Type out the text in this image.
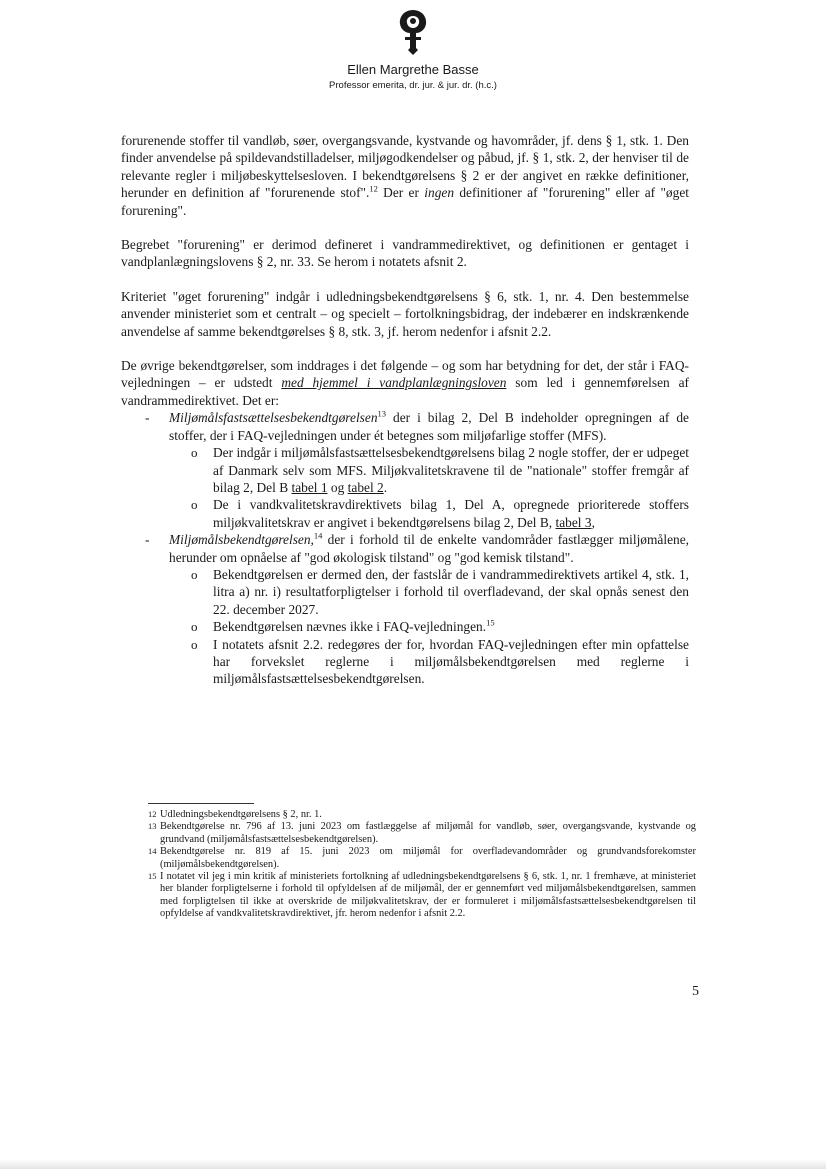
Ellen Margrethe Basse
Professor emerita, dr. jur. & jur. dr. (h.c.)

forurenende stoffer til vandløb, søer, overgangsvande, kystvande og havområder, jf. dens § 1, stk. 1. Den finder anvendelse på spildevandstilladelser, miljøgodkendelser og påbud, jf. § 1, stk. 2, der henviser til de relevante regler i miljøbeskyttelsesloven. I bekendtgørelsens § 2 er der angivet en række definitioner, herunder en definition af "forurenende stof".$^{12}$ Der er ingen definitioner af "forurening" eller af "øget forurening".

Begrebet "forurening" er derimod defineret i vandrammedirektivet, og definitionen er gentaget i vandplanlægningslovens § 2, nr. 33. Se herom i notatets afsnit 2.

Kriteriet "øget forurening" indgår i udledningsbekendtgørelsens § 6, stk. 1, nr. 4. Den bestemmelse anvender ministeriet som et centralt – og specielt – fortolkningsbidrag, der indebærer en indskrænkende anvendelse af samme bekendtgørelses § 8, stk. 3, jf. herom nedenfor i afsnit 2.2.

De øvrige bekendtgørelser, som inddrages i det følgende – og som har betydning for det, der står i FAQ-vejledningen – er udstedt med hjemmel i vandplanlægningsloven som led i gennemførelsen af vandrammedirektivet. Det er:

- Miljømålsfastsættelsesbekendtgørelsen$^{13}$ der i bilag 2, Del B indeholder opregningen af de stoffer, der i FAQ-vejledningen under ét betegnes som miljøfarlige stoffer (MFS).
o Der indgår i miljømålsfastsættelsesbekendtgørelsens bilag 2 nogle stoffer, der er udpeget af Danmark selv som MFS. Miljøkvalitetskravene til de "nationale" stoffer fremgår af bilag 2, Del B tabel 1 og tabel 2.
o De i vandkvalitetskravdirektivets bilag 1, Del A, opregnede prioriterede stoffers miljøkvalitetskrav er angivet i bekendtgørelsens bilag 2, Del B, tabel 3,
- Miljømålsbekendtgørelsen,$^{14}$ der i forhold til de enkelte vandområder fastlægger miljømålene, herunder om opnåelse af "god økologisk tilstand" og "god kemisk tilstand".
o Bekendtgørelsen er dermed den, der fastslår de i vandrammedirektivets artikel 4, stk. 1, litra a) nr. i) resultatforpligtelser i forhold til overfladevand, der skal opnås senest den 22. december 2027.
o Bekendtgørelsen nævnes ikke i FAQ-vejledningen.$^{15}$
o I notatets afsnit 2.2. redegøres der for, hvordan FAQ-vejledningen efter min opfattelse har forvekslet reglerne i miljømålsbekendtgørelsen med reglerne i miljømålsfastsættelsesbekendtgørelsen.

12 Udledningsbekendtgørelsens § 2, nr. 1.

13 Bekendtgørelse nr. 796 af 13. juni 2023 om fastlæggelse af miljømål for vandløb, søer, overgangsvande, kystvande og grundvand (miljømålsfastsættelsesbekendtgørelsen).

14 Bekendtgørelse nr. 819 af 15. juni 2023 om miljømål for overfladevandområder og grundvandsforekomster (miljømålsbekendtgørelsen).

15 I notatet vil jeg i min kritik af ministeriets fortolkning af udledningsbekendtgørelsens § 6, stk. 1, nr. 1 fremhæve, at ministeriet her blander forpligtelserne i forhold til opfyldelsen af de miljømål, der er gennemført ved miljømålsbekendtgørelsen, sammen med forpligtelsen til ikke at overskride de miljøkvalitetskrav, der er formuleret i miljømålsfastsættelsesbekendtgørelsen til opfyldelse af vandkvalitetskravdirektivet, jfr. herom nedenfor i afsnit 2.2.

5
